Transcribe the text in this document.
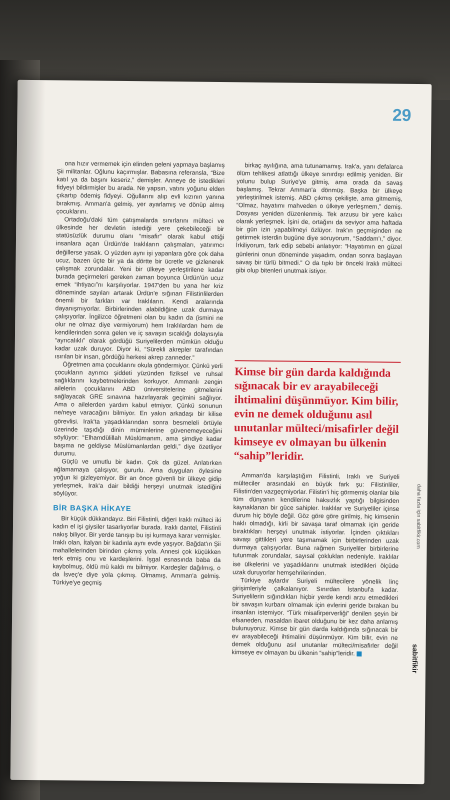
29

ona hızır vermemek için elinden geleni yapmaya başlamış Şii militanlar. Oğlunu kaçırmışlar. Babasına referansla, “Bize katıl ya da başını keseriz,” demişler. Anneye de istedikleri fidyeyi bildirmişler bu arada. Ne yapsın, vatını yoğunu elden çıkartıp ödemiş fidyeyi. Oğullarını alıp evli kızının yanına bırakmış. Amman'a gelmiş, yer ayarlamış ve dönüp almış çocuklarını.

Ortadoğu'daki tüm çatışmalarda sınırlarını mülteci ve ülkesinde her devletin istediği yere çekebileceği bir statüsüzlük durumu olanı “misafir” olarak kabul ettiği insanlara açan Ürdün'de Iraklıların çalışmaları, yatırımcı değillerse yasak. O yüzden aynı işi yapanlara göre çok daha ucuz, bazen üçte bir ya da dörtte bir ücretle ve gizlenerek çalışmak zorundalar. Yeni bir ülkeye yerleştirilene kadar burada geçirmeleri gereken zaman boyunca Ürdün'ün ucuz emek “ihtiyacı”nı karşılıyorlar. 1947'den bu yana her kriz döneminde sayıları artarak Ürdün'e sığınan Filistinlilerden önemli bir farkları var Iraklıların. Kendi aralarında dayanışmıyorlar. Birbirlerinden alabildiğine uzak durmaya çalışıyorlar. İngilizce öğretmeni olan bu kadın da (ismini ne olur ne olmaz diye vermiyorum) hem Iraklılardan hem de kendilerinden sonra gelen ve iç savaşın sıcaklığı dolayısıyla “ayrıcalıklı” olarak gördüğü Suriyelilerden mümkün olduğu kadar uzak duruyor. Diyor ki, “Sürekli akrepler tarafından ısırılan bir insan, gördüğü herkesi akrep zanneder.”

Öğretmen ama çocuklarını okula göndermiyor. Çünkü yerli çocukların ayrımcı şiddeti yüzünden fiziksel ve ruhsal sağlıklarını kaybetmelerinden korkuyor. Ammanlı zengin ailelerin çocuklarını ABD üniversitelerine gitmelerini sağlayacak GRE sınavına hazırlayarak geçimini sağlıyor. Ama o ailelerden yardım kabul etmiyor. Çünkü sonunun ne/neye varacağını bilmiyor. En yakın arkadaşı bir kilise görevlisi. Irak'ta yaşadıklarından sonra besmeleli örtüyle üzerinde taşıdığı dinin müminlerine güvenemeyeceğini söylüyor: “Elhamdülillah Müslümanım, ama şimdiye kadar başıma ne geldiyse Müslümanlardan geldi,” diye özetliyor durumu.

Güçlü ve umutlu bir kadın. Çok da güzel. Anlatırken ağlamamaya çalışıyor, gururlu. Ama duyguları öylesine yoğun ki gizleyemiyor. Bir an önce güvenli bir ülkeye gidip yerleşmek, Irak'a dair bildiği herşeyi unutmak istediğini söylüyor.

BİR BAŞKA HİKAYE

Bir küçük dükkandayız. Biri Filistinli, diğeri Iraklı mülteci iki kadın el işi giysiler tasarlıyorlar burada. Iraklı dantel, Filistinli nakış biliyor. Bir yerde tanışıp bu işi kurmaya karar vermişler. Iraklı olan, İtalyan bir kadınla aynı evde yaşıyor. Bağdat'ın Şii mahallelerinden birinden çıkmış yola. Annesi çok küçükken terk etmiş onu ve kardeşlerini. İşgal esnasında baba da kaybolmuş, öldü mü kaldı mı bilmiyor. Kardeşler dağılmış, o da İsveç'e diye yola çıkmış. Olmamış, Amman'a gelmiş. Türkiye'ye geçmiş

birkaç ayılığına, ama tutunamamış. Irak'a, yanı defalarca ölüm tehlikesi atlattığı ülkeye sınırdışı edilmiş yeniden. Bir yolunu bulup Suriye'ye gitmiş, ama orada da savaş başlamış. Tekrar Amman'a dönmüş. Başka bir ülkeye yerleştirilmek istemiş. ABD çıkmış çekilişte, ama gitmemiş, “Olmaz, hayatımı mahveden o ülkeye yerleşmem,” demiş. Dosyası yeniden düzenlenmiş. Tek arzusu bir yere kalıcı olarak yerleşmek. İşini de, ortağını da seviyor ama haftada bir gün izin yapabilmeyi özlüyor. Irak'ın geçmişinden ne getirmek isterdin bugüne diye soruyorum, “Saddam'ı,” diyor. İrkiliyorum, fark edip sebebi anlatıyor: “Hayatımın en güzel günlerini onun döneminde yaşadım, ondan sonra başlayan savaş bir türlü bitmedi.” O da tıpkı bir önceki Iraklı mülteci gibi olup bitenleri unutmak istiyor.

Kimse bir gün darda kaldığında sığınacak bir ev arayabileceği ihtimalini düşünmüyor. Kim bilir, evin ne demek olduğunu asıl unutanlar mülteci/misafirler değil kimseye ev olmayan bu ülkenin “sahip”leridir.

Amman'da karşılaştığım Filistinli, Iraklı ve Suriyeli mülteciler arasındaki en büyük fark şu: Filistinliler, Filistin'den vazgeçmiyorlar. Filistin'i hiç görmemiş olanlar bile tüm dünyanın kendilerine haksızlık yaptığı bilgisinden kaynaklanan bir güce sahipler. Iraklılar ve Suriyeliler içinse durum hiç böyle değil. Göz göre göre girilmiş, hiç kimsenin haklı olmadığı, kirli bir savaşa taraf olmamak için geride bıraktıkları herşeyi unutmak istiyorlar. İçinden çıktıkları savaşı gittikleri yere taşımamak için birbirlerinden uzak durmaya çalışıyorlar. Buna rağmen Suriyeliler birbirlerine tutunmak zorundalar, sayısal çokluklan nedeniyle. Iraklılar ise ülkelerini ve yaşadıklarını unutmak istedikleri ölçüde uzak duruyorlar hemşehrilerinden.

Türkiye aylardır Suriyeli mültecilere yönelik linç girişimleriyle çalkalanıyor. Sınırdan İstanbul'a kadar. Suriyelilerin sığındıkları hiçbir yerde kendi arzu etmedikleri bir savaşın kurbanı olmamak için evlerini geride bırakan bu insanları istemiyor. “Türk misafirperverliği” denilen şeyin bir efsaneden, masaldan ibaret olduğunu bir kez daha anlamış bulunuyoruz. Kimse bir gün darda kaldığında sığınacak bir ev arayabileceği ihtimalini düşünmüyor. Kim bilir, evin ne demek olduğunu asıl unutanlar mülteci/misafirler değil kimseye ev olmayan bu ülkenin “sahip”leridir.

daha fazla için sabitfikir.com
sabitfikir
